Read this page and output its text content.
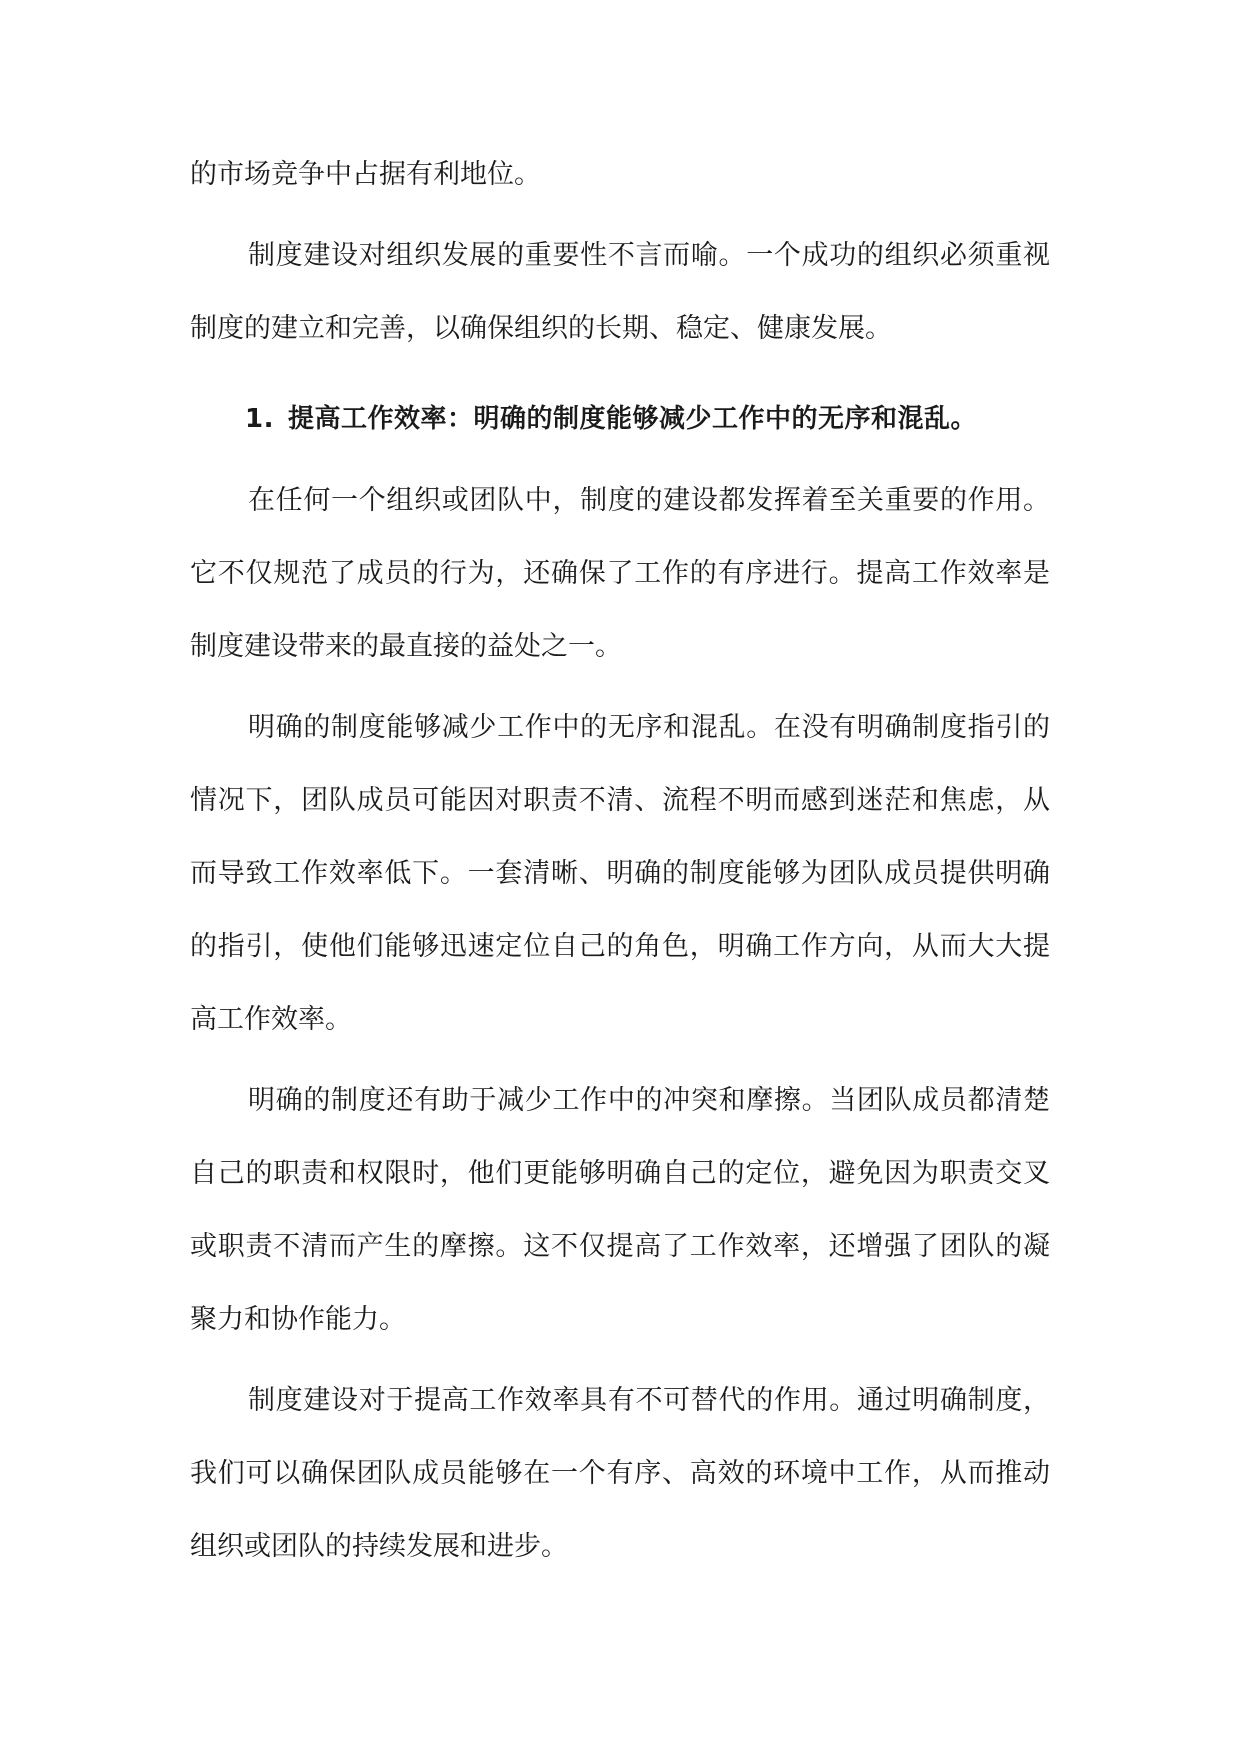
的市场竞争中占据有利地位。

制度建设对组织发展的重要性不言而喻。一个成功的组织必须重视制度的建立和完善，以确保组织的长期、稳定、健康发展。

1. 提高工作效率：明确的制度能够减少工作中的无序和混乱。

在任何一个组织或团队中，制度的建设都发挥着至关重要的作用。它不仅规范了成员的行为，还确保了工作的有序进行。提高工作效率是制度建设带来的最直接的益处之一。

明确的制度能够减少工作中的无序和混乱。在没有明确制度指引的情况下，团队成员可能因对职责不清、流程不明而感到迷茫和焦虑，从而导致工作效率低下。一套清晰、明确的制度能够为团队成员提供明确的指引，使他们能够迅速定位自己的角色，明确工作方向，从而大大提高工作效率。

明确的制度还有助于减少工作中的冲突和摩擦。当团队成员都清楚自己的职责和权限时，他们更能够明确自己的定位，避免因为职责交叉或职责不清而产生的摩擦。这不仅提高了工作效率，还增强了团队的凝聚力和协作能力。

制度建设对于提高工作效率具有不可替代的作用。通过明确制度，我们可以确保团队成员能够在一个有序、高效的环境中工作，从而推动组织或团队的持续发展和进步。
